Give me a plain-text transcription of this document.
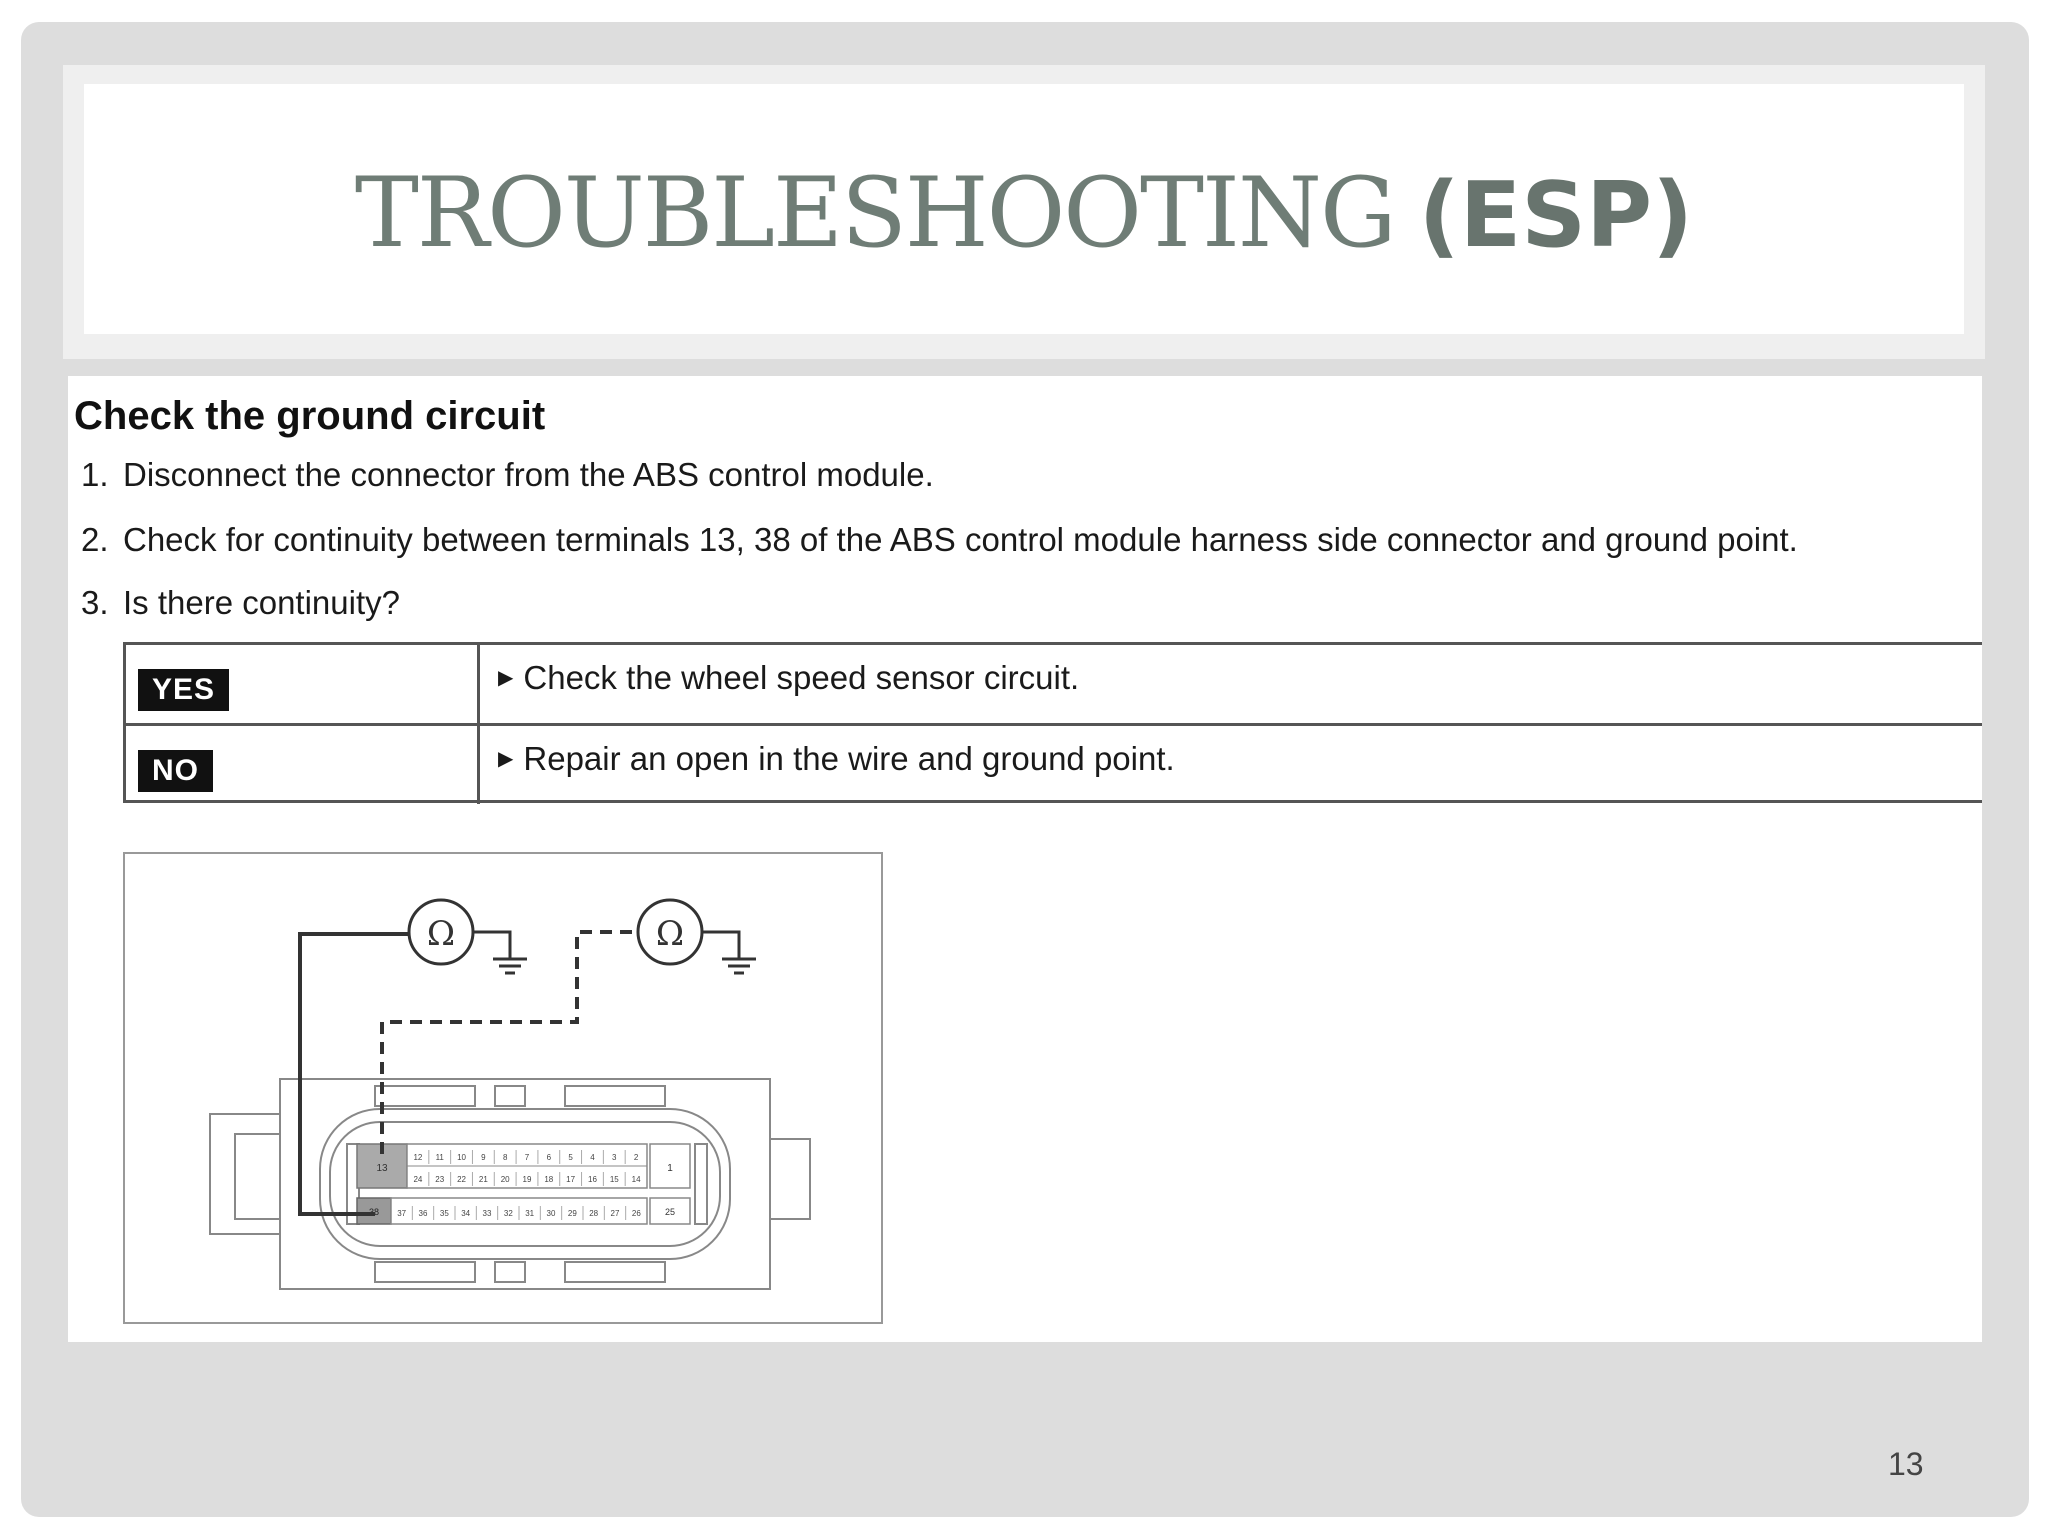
TROUBLESHOOTING (ESP)
Check the ground circuit
1. Disconnect the connector from the ABS control module.
2. Check for continuity between terminals 13, 38 of the ABS control module harness side connector and ground point.
3. Is there continuity?
YES	▶ Check the wheel speed sensor circuit.
NO	▶ Repair an open in the wire and ground point.
13	1
12 11 10 9 8 7 6 5 4 3 2
24 23 22 21 20 19 18 17 16 15 14
38	25
37 36 35 34 33 32 31 30 29 28 27 26
Ω	Ω
13
